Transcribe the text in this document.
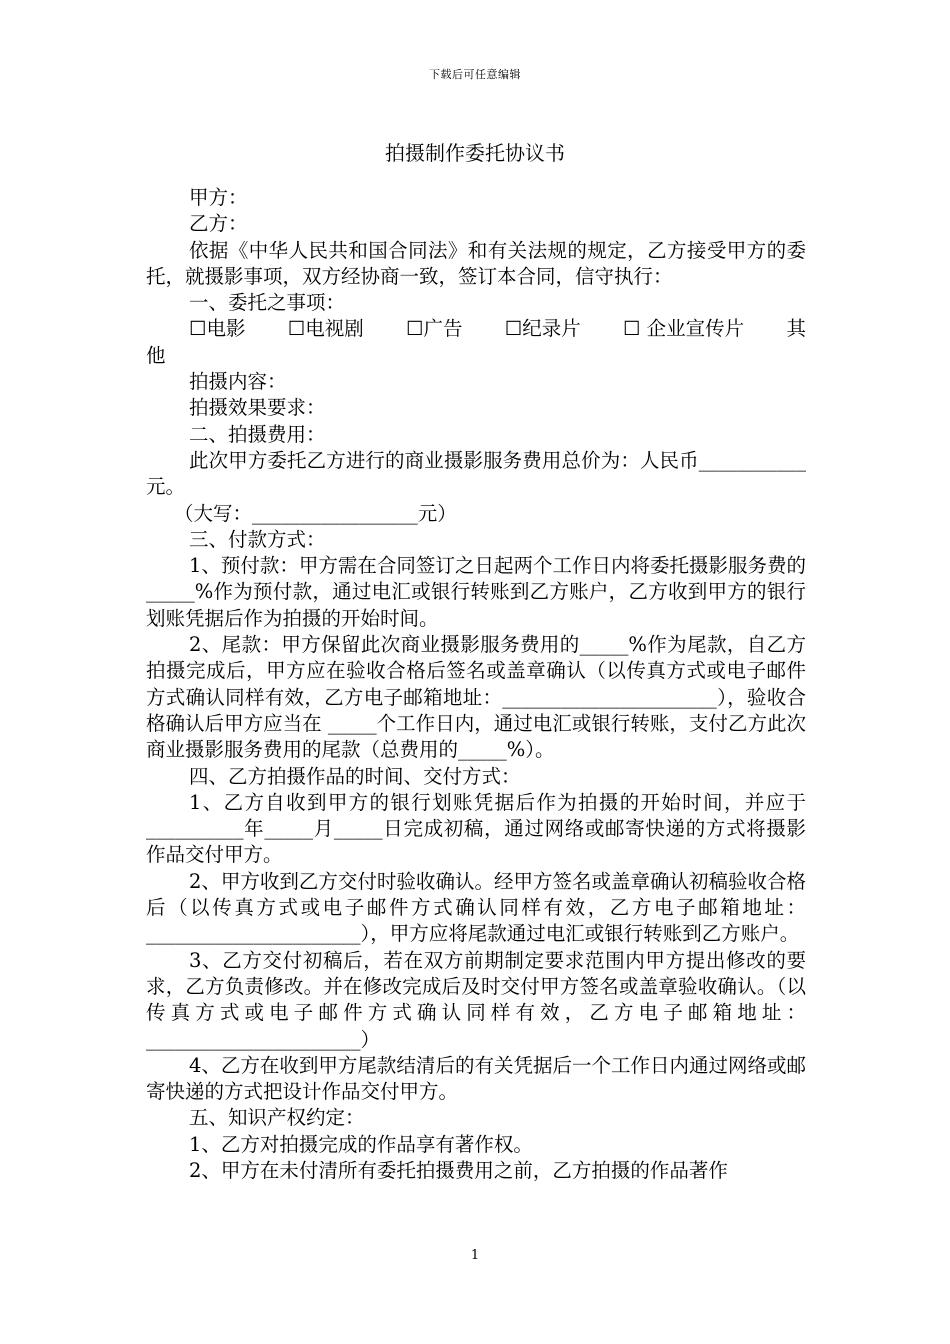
下载后可任意编辑
拍摄制作委托协议书

甲方：

乙方：

依据《中华人民共和国合同法》和有关法规的规定，乙方接受甲方的委托，就摄影事项，双方经协商一致，签订本合同，信守执行：

一、委托之事项：

☐电影 ☐电视剧 ☐广告 ☐纪录片 ☐ 企业宣传片 其

他

拍摄内容：

拍摄效果要求：

二、拍摄费用：

此次甲方委托乙方进行的商业摄影服务费用总价为：人民币___________元。

（大写：_________________元）

三、付款方式：

1、预付款：甲方需在合同签订之日起两个工作日内将委托摄影服务费的_____%作为预付款，通过电汇或银行转账到乙方账户，乙方收到甲方的银行划账凭据后作为拍摄的开始时间。

2、尾款：甲方保留此次商业摄影服务费用的_____%作为尾款，自乙方拍摄完成后，甲方应在验收合格后签名或盖章确认（以传真方式或电子邮件方式确认同样有效，乙方电子邮箱地址：______________________），验收合格确认后甲方应当在 _____个工作日内，通过电汇或银行转账，支付乙方此次商业摄影服务费用的尾款（总费用的_____%）。

四、乙方拍摄作品的时间、交付方式：

1、乙方自收到甲方的银行划账凭据后作为拍摄的开始时间，并应于 __________年_____月_____日完成初稿，通过网络或邮寄快递的方式将摄影作品交付甲方。

2、甲方收到乙方交付时验收确认。经甲方签名或盖章确认初稿验收合格后（以传真方式或电子邮件方式确认同样有效，乙方电子邮箱地址：______________________），甲方应将尾款通过电汇或银行转账到乙方账户。

3、乙方交付初稿后，若在双方前期制定要求范围内甲方提出修改的要求，乙方负责修改。并在修改完成后及时交付甲方签名或盖章验收确认。（以传真方式或电子邮件方式确认同样有效，乙方电子邮箱地址：______________________）

4、乙方在收到甲方尾款结清后的有关凭据后一个工作日内通过网络或邮寄快递的方式把设计作品交付甲方。

五、知识产权约定：

1、乙方对拍摄完成的作品享有著作权。

2、甲方在未付清所有委托拍摄费用之前，乙方拍摄的作品著作

1
